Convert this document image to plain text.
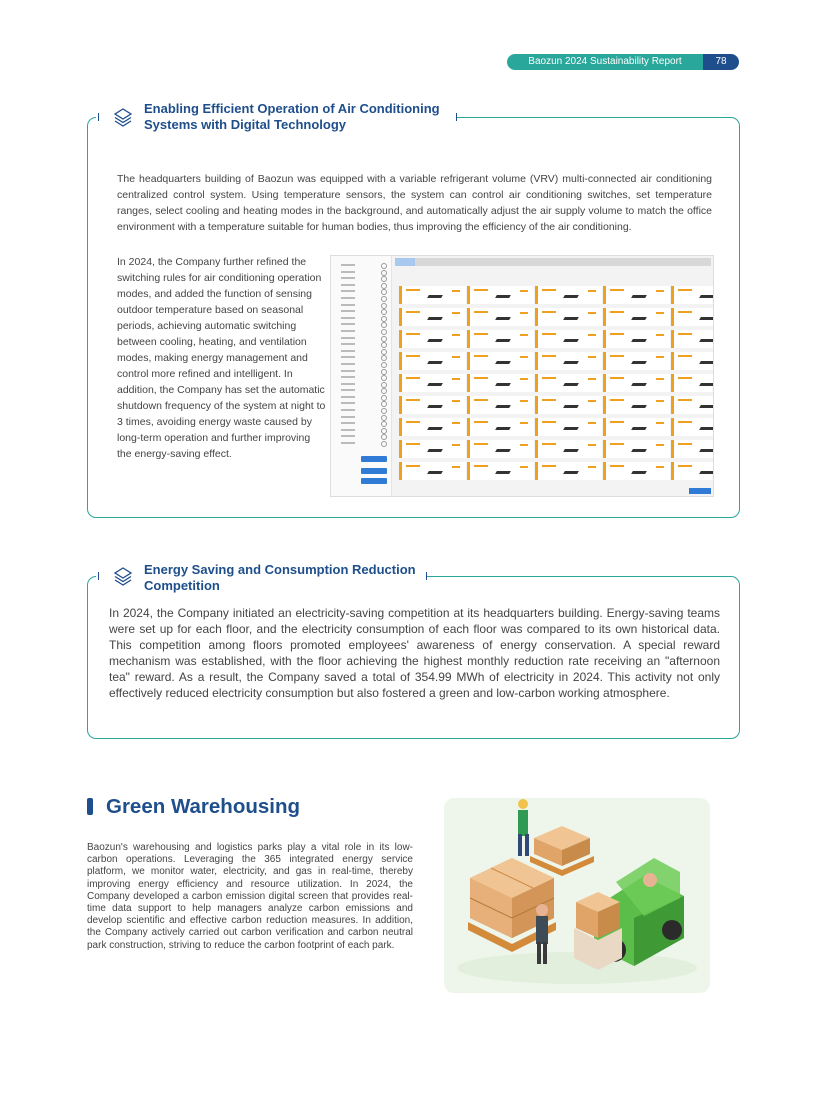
Baozun 2024 Sustainability Report	78
Enabling Efficient Operation of Air Conditioning
Systems with Digital Technology

The headquarters building of Baozun was equipped with a variable refrigerant volume (VRV) multi-connected air conditioning centralized control system. Using temperature sensors, the system can control air conditioning switches, set temperature ranges, select cooling and heating modes in the background, and automatically adjust the air supply volume to match the office environment with a temperature suitable for human bodies, thus improving the efficiency of the air conditioning.

In 2024, the Company further refined the switching rules for air conditioning operation modes, and added the function of sensing outdoor temperature based on seasonal periods, achieving automatic switching between cooling, heating, and ventilation modes, making energy management and control more refined and intelligent. In addition, the Company has set the automatic shutdown frequency of the system at night to 3 times, avoiding energy waste caused by long-term operation and further improving the energy-saving effect.

Energy Saving and Consumption Reduction
Competition

In 2024, the Company initiated an electricity-saving competition at its headquarters building. Energy-saving teams were set up for each floor, and the electricity consumption of each floor was compared to its own historical data. This competition among floors promoted employees' awareness of energy conservation. A special reward mechanism was established, with the floor achieving the highest monthly reduction rate receiving an "afternoon tea" reward. As a result, the Company saved a total of 354.99 MWh of electricity in 2024. This activity not only effectively reduced electricity consumption but also fostered a green and low-carbon working atmosphere.

Green Warehousing

Baozun's warehousing and logistics parks play a vital role in its low-carbon operations. Leveraging the 365 integrated energy service platform, we monitor water, electricity, and gas in real-time, thereby improving energy efficiency and resource utilization. In 2024, the Company developed a carbon emission digital screen that provides real-time data support to help managers analyze carbon emissions and develop scientific and effective carbon reduction measures. In addition, the Company actively carried out carbon verification and carbon neutral park construction, striving to reduce the carbon footprint of each park.
